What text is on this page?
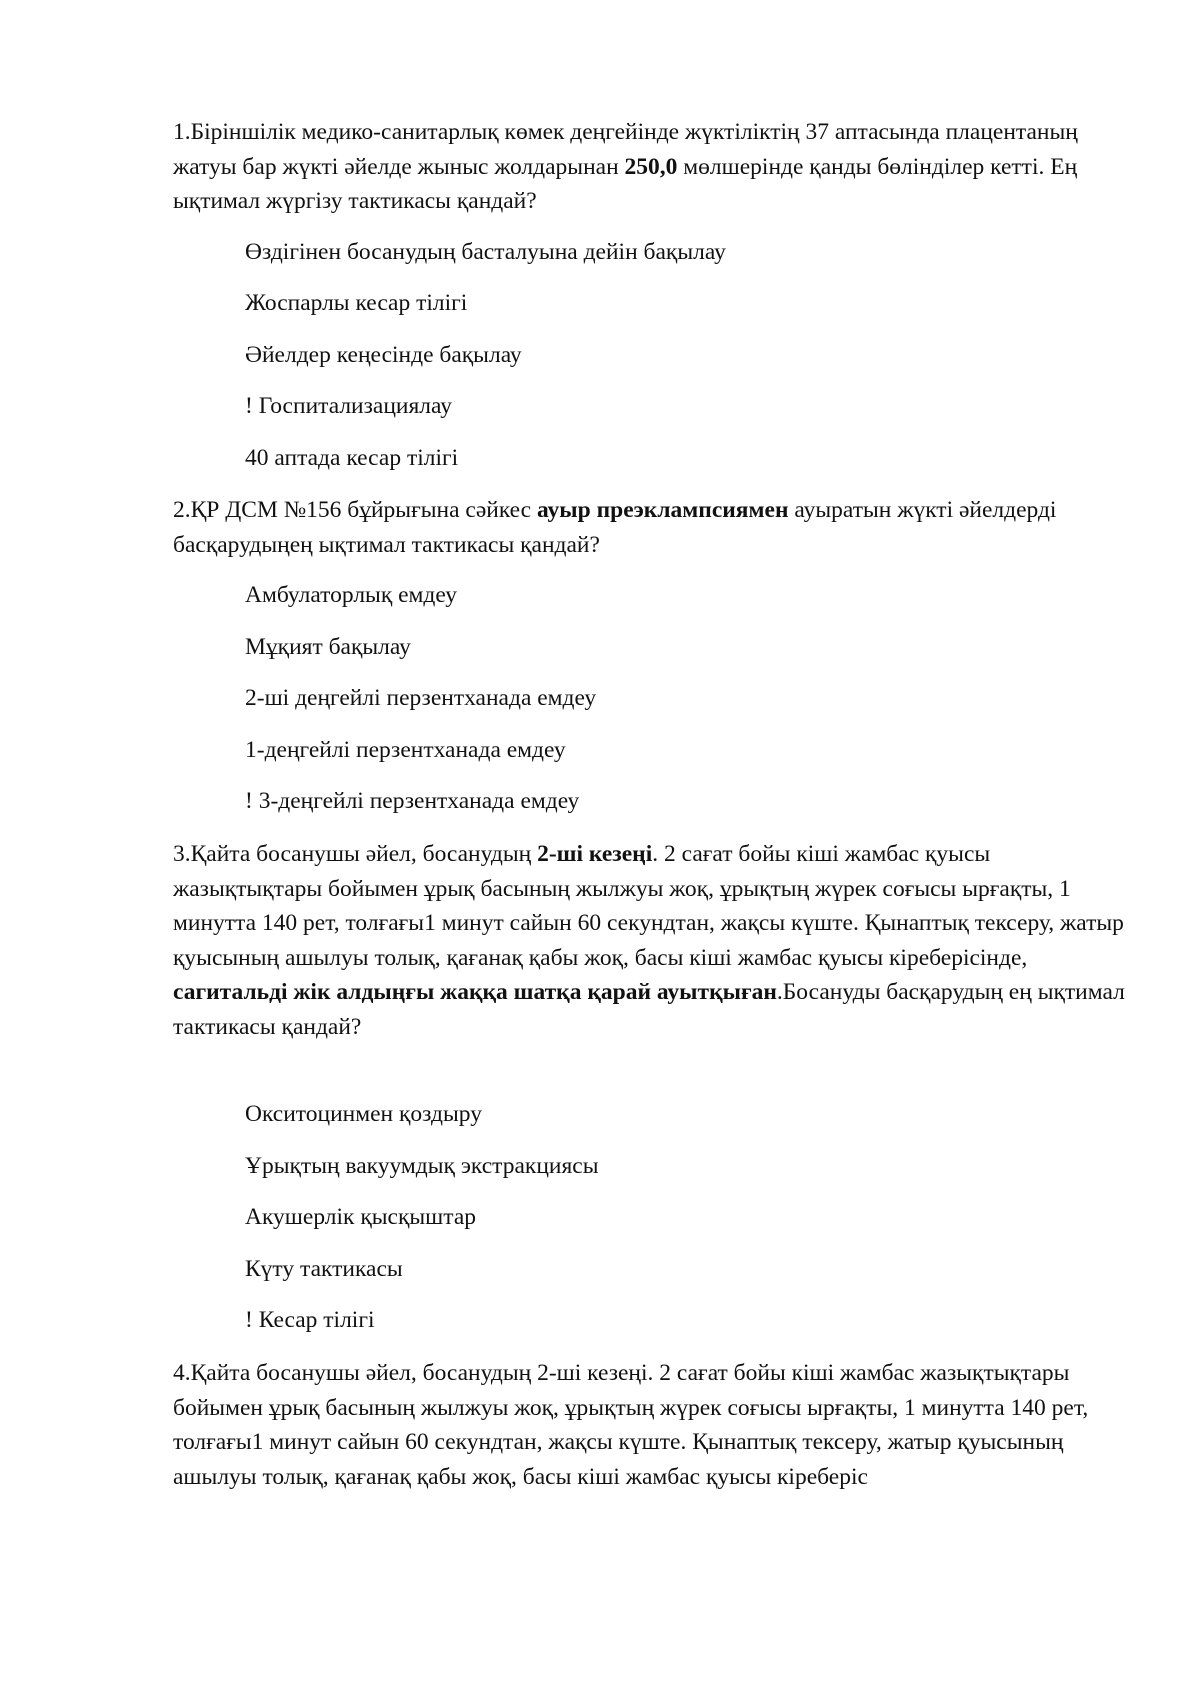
1.Біріншілік медико-санитарлық көмек деңгейінде жүктіліктің 37 аптасында плацентаның жатуы бар жүкті әйелде жыныс жолдарынан 250,0 мөлшерінде қанды бөлінділер кетті. Ең ықтимал жүргізу тактикасы қандай?

Өздігінен босанудың басталуына дейін бақылау

Жоспарлы кесар тілігі

Әйелдер кеңесінде бақылау

! Госпитализациялау

40 аптада кесар тілігі

2.ҚР ДСМ №156 бұйрығына сәйкес ауыр преэклампсиямен ауыратын жүкті әйелдерді басқарудыңең ықтимал тактикасы қандай?

Амбулаторлық емдеу

Мұқият бақылау

2-ші деңгейлі перзентханада емдеу

1-деңгейлі перзентханада емдеу

! 3-деңгейлі перзентханада емдеу

3.Қайта босанушы әйел, босанудың 2-ші кезеңі. 2 сағат бойы кіші жамбас қуысы жазықтықтары бойымен ұрық басының жылжуы жоқ, ұрықтың жүрек соғысы ырғақты, 1 минутта 140 рет, толғағы1 минут сайын 60 секундтан, жақсы күште. Қынаптық тексеру, жатыр қуысының ашылуы толық, қағанақ қабы жоқ, басы кіші жамбас қуысы кіреберісінде, сагитальді жік алдыңғы жаққа шатқа қарай ауытқыған.Босануды басқарудың ең ықтимал тактикасы қандай?

Окситоцинмен қоздыру

Ұрықтың вакуумдық экстракциясы

Акушерлік қысқыштар

Күту тактикасы

! Кесар тілігі

4.Қайта босанушы әйел, босанудың 2-ші кезеңі. 2 сағат бойы кіші жамбас жазықтықтары бойымен ұрық басының жылжуы жоқ, ұрықтың жүрек соғысы ырғақты, 1 минутта 140 рет, толғағы1 минут сайын 60 секундтан, жақсы күште. Қынаптық тексеру, жатыр қуысының ашылуы толық, қағанақ қабы жоқ, басы кіші жамбас қуысы кіреберіс
